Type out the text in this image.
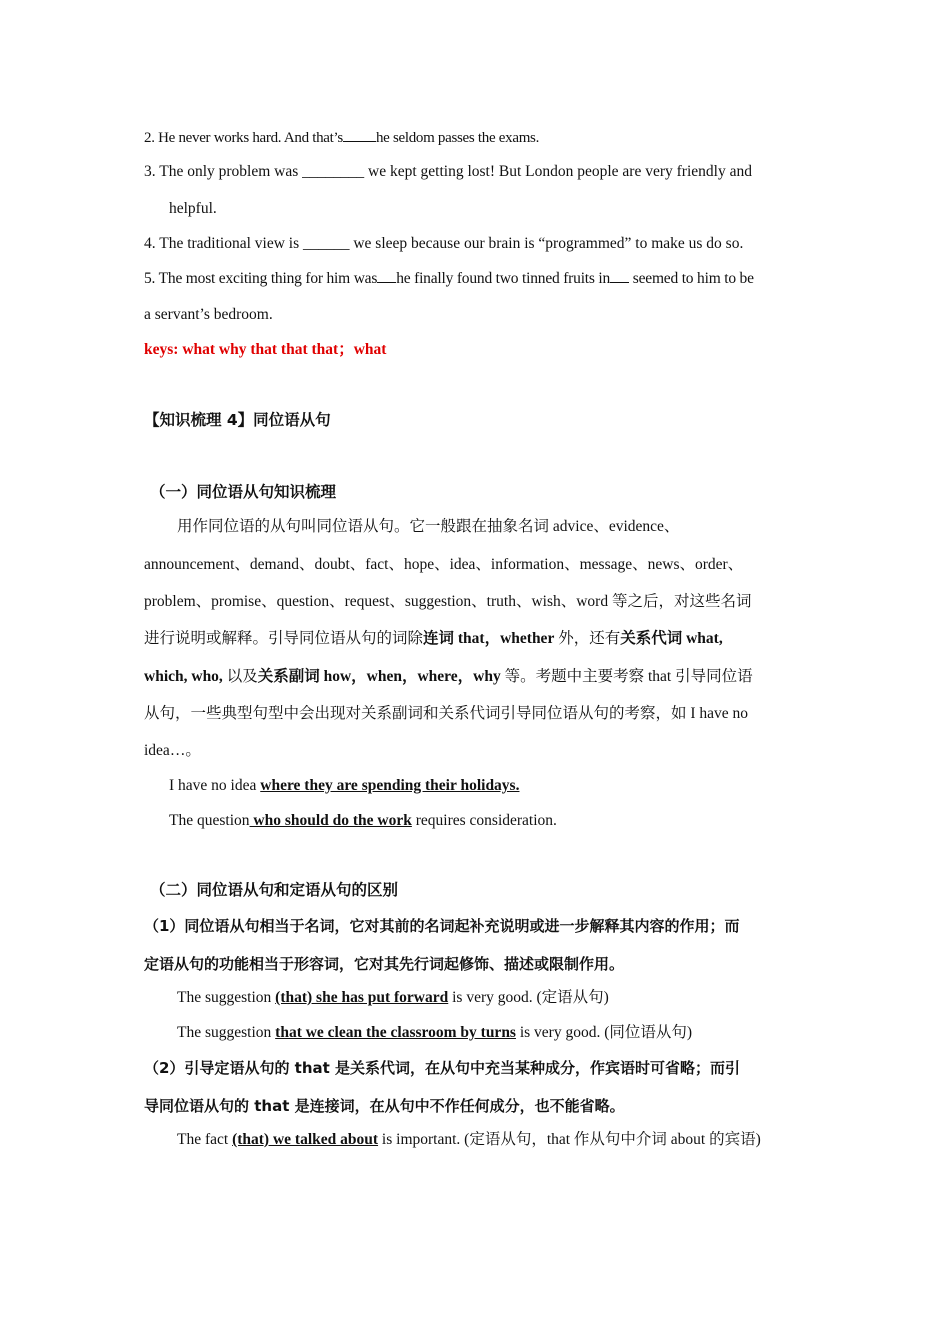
2. He never works hard. And that’s he seldom passes the exams.
3. The only problem was ________ we kept getting lost! But London people are very friendly and
helpful.
4. The traditional view is ______ we sleep because our brain is “programmed” to make us do so.
5. The most exciting thing for him was he finally found two tinned fruits in seemed to him to be
a servant’s bedroom.
keys: what why that that that；what
【知识梳理 4】同位语从句
（一）同位语从句知识梳理
用作同位语的从句叫同位语从句。它一般跟在抽象名词 advice、evidence、
announcement、demand、doubt、fact、hope、idea、information、message、news、order、
problem、promise、question、request、suggestion、truth、wish、word 等之后，对这些名词
进行说明或解释。引导同位语从句的词除连词 that，whether 外，还有关系代词 what,
which, who, 以及关系副词 how，when，where，why 等。考题中主要考察 that 引导同位语
从句，一些典型句型中会出现对关系副词和关系代词引导同位语从句的考察，如 I have no
idea…。
I have no idea where they are spending their holidays.
The question who should do the work requires consideration.
（二）同位语从句和定语从句的区别
（1）同位语从句相当于名词，它对其前的名词起补充说明或进一步解释其内容的作用；而
定语从句的功能相当于形容词，它对其先行词起修饰、描述或限制作用。
The suggestion (that) she has put forward is very good. (定语从句)
The suggestion that we clean the classroom by turns is very good. (同位语从句)
（2）引导定语从句的 that 是关系代词，在从句中充当某种成分，作宾语时可省略；而引
导同位语从句的 that 是连接词，在从句中不作任何成分，也不能省略。
The fact (that) we talked about is important. (定语从句，that 作从句中介词 about 的宾语)
